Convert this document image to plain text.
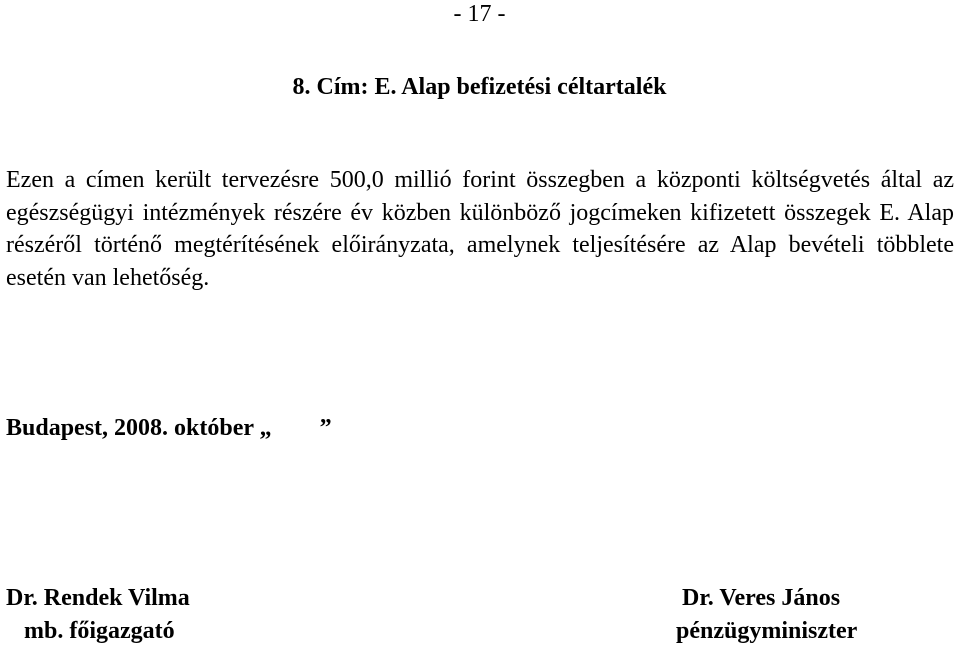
- 17 -
8. Cím: E. Alap befizetési céltartalék

Ezen a címen került tervezésre 500,0 millió forint összegben a központi költségvetés által az egészségügyi intézmények részére év közben különböző jogcímeken kifizetett összegek E. Alap részéről történő megtérítésének előirányzata, amelynek teljesítésére az Alap bevételi többlete esetén van lehetőség.

Budapest, 2008. október „        ”
Dr. Rendek Vilma
mb. főigazgató
Dr. Veres János
pénzügyminiszter
